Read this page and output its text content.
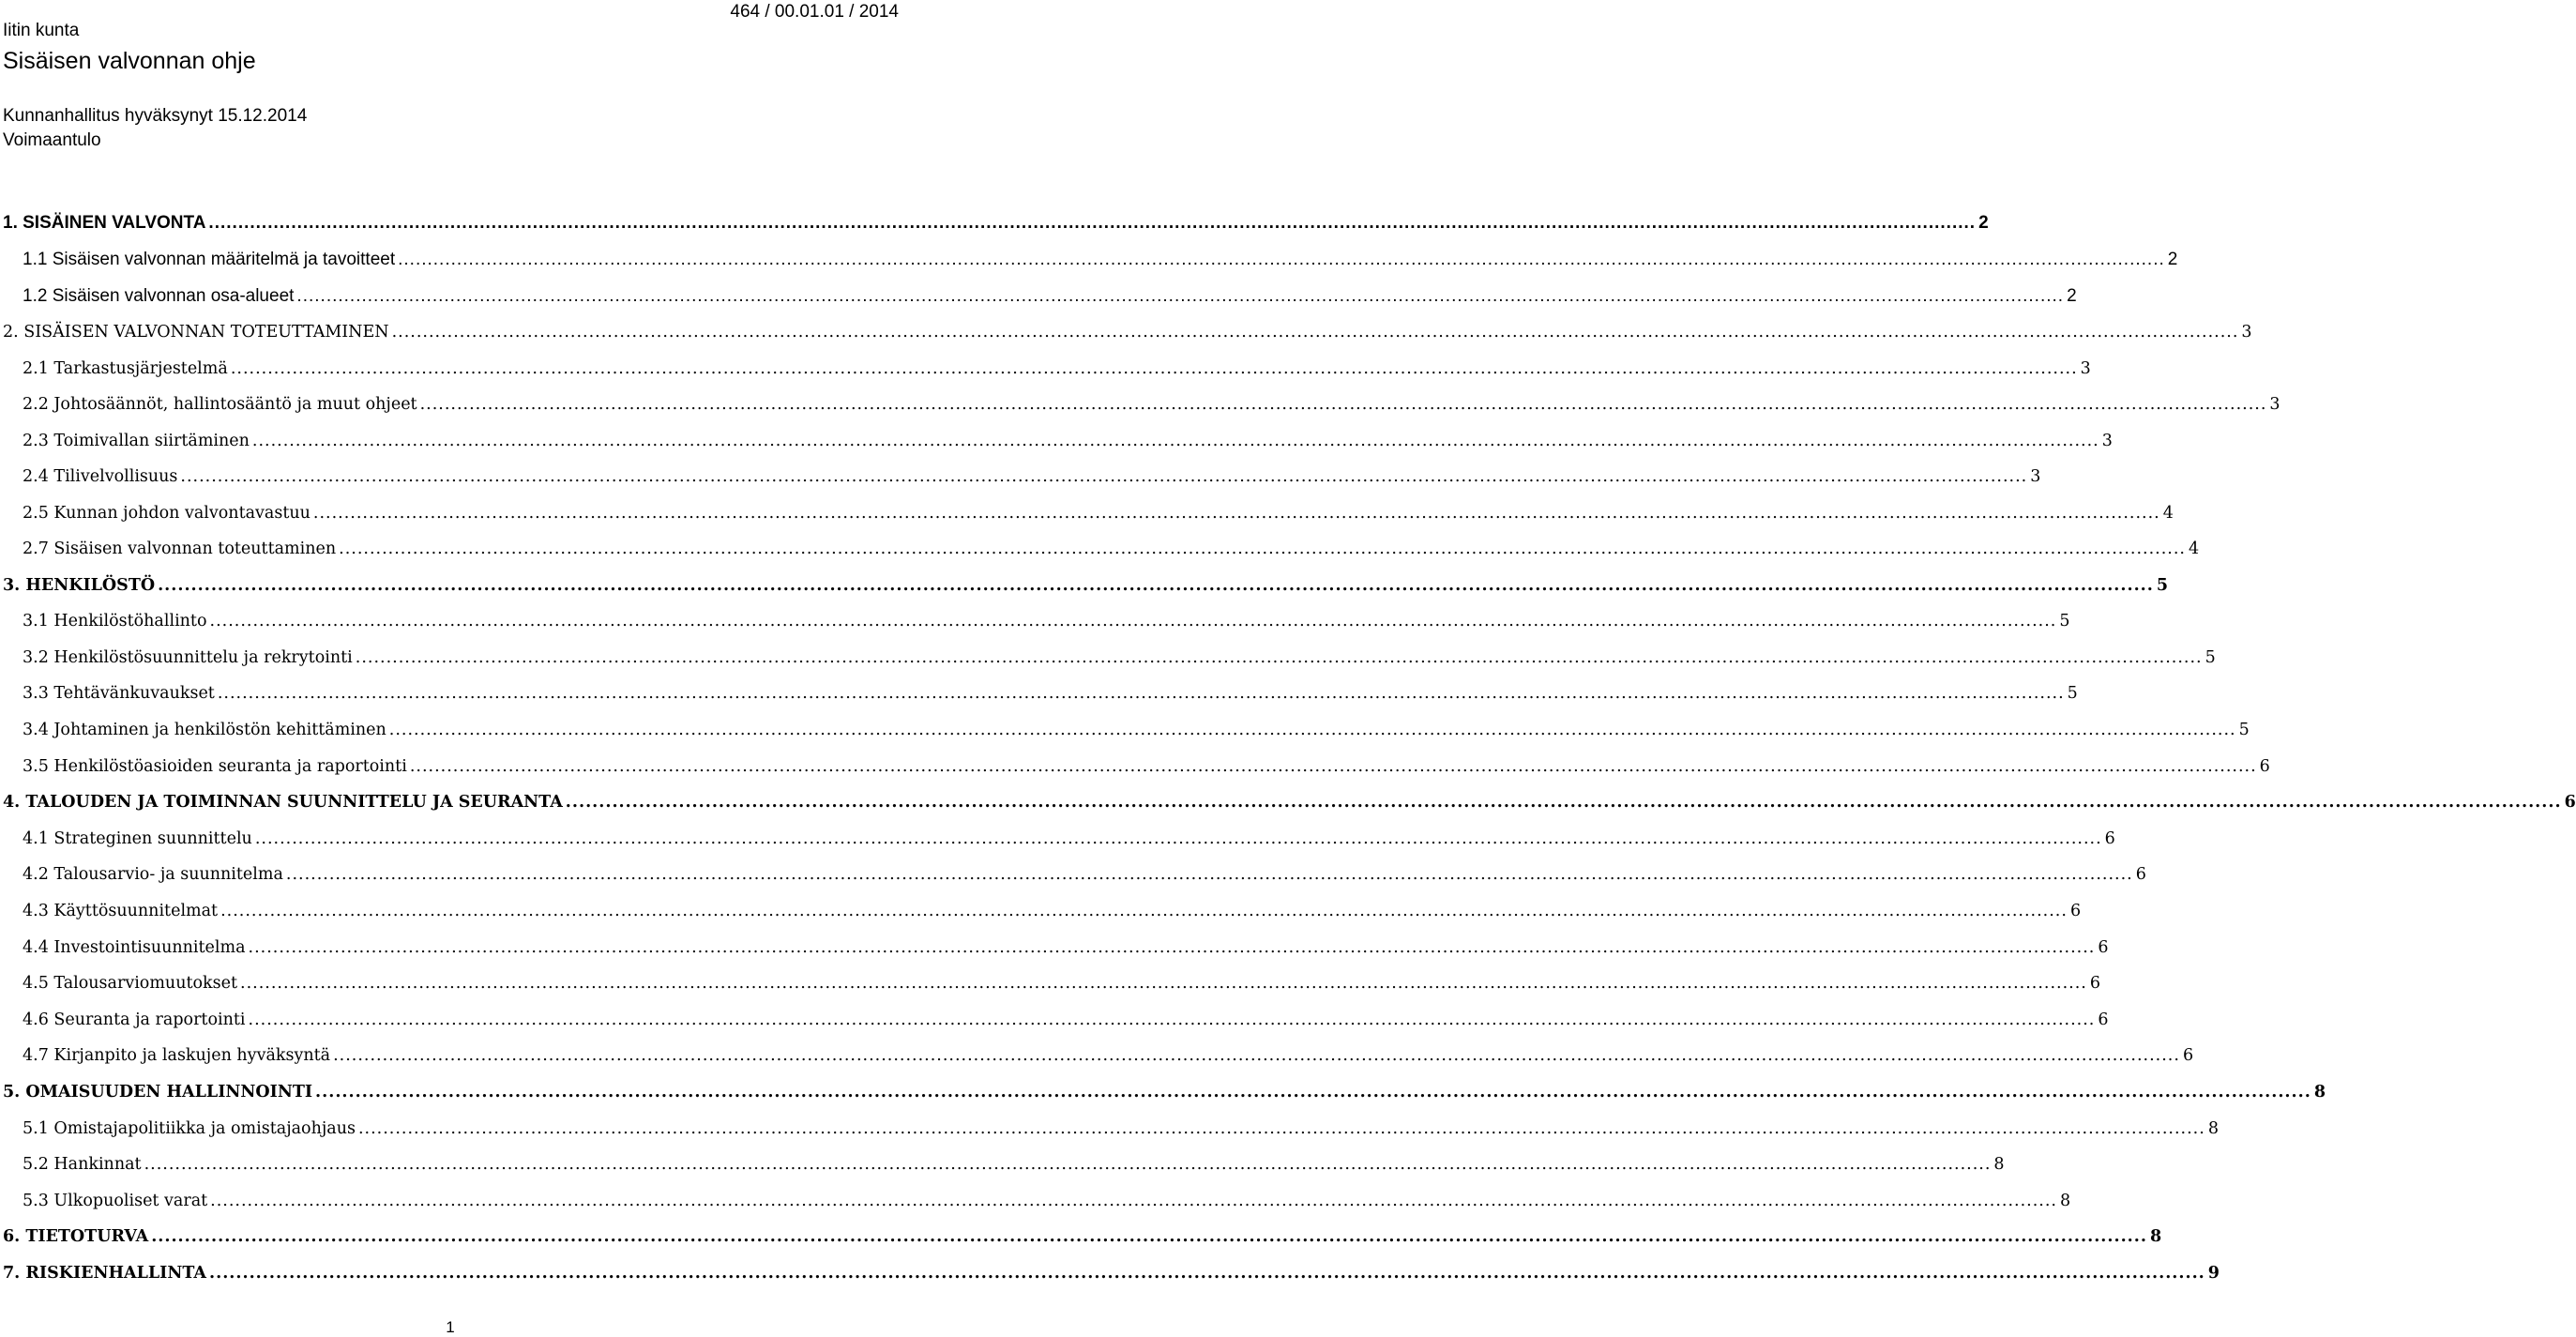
Iitin kunta
Sisäisen valvonnan ohje
464 / 00.01.01 / 2014
Kunnanhallitus hyväksynyt 15.12.2014
Voimaantulo
1. SISÄINEN VALVONTA ............................................................................................................................................................................................................................................................................................................ 2
1.1 Sisäisen valvonnan määritelmä ja tavoitteet ............................................................................................................................................................................................................................................................................................................ 2
1.2 Sisäisen valvonnan osa-alueet ............................................................................................................................................................................................................................................................................................................ 2
2. SISÄISEN VALVONNAN TOTEUTTAMINEN ............................................................................................................................................................................................................................................................................................................ 3
2.1 Tarkastusjärjestelmä ............................................................................................................................................................................................................................................................................................................ 3
2.2 Johtosäännöt, hallintosääntö ja muut ohjeet ............................................................................................................................................................................................................................................................................................................ 3
2.3 Toimivallan siirtäminen ............................................................................................................................................................................................................................................................................................................ 3
2.4 Tilivelvollisuus ............................................................................................................................................................................................................................................................................................................ 3
2.5 Kunnan johdon valvontavastuu ............................................................................................................................................................................................................................................................................................................ 4
2.7 Sisäisen valvonnan toteuttaminen ............................................................................................................................................................................................................................................................................................................ 4
3. HENKILÖSTÖ ............................................................................................................................................................................................................................................................................................................ 5
3.1 Henkilöstöhallinto ............................................................................................................................................................................................................................................................................................................ 5
3.2 Henkilöstösuunnittelu ja rekrytointi ............................................................................................................................................................................................................................................................................................................ 5
3.3 Tehtävänkuvaukset ............................................................................................................................................................................................................................................................................................................ 5
3.4 Johtaminen ja henkilöstön kehittäminen ............................................................................................................................................................................................................................................................................................................ 5
3.5 Henkilöstöasioiden seuranta ja raportointi ............................................................................................................................................................................................................................................................................................................ 6
4. TALOUDEN JA TOIMINNAN SUUNNITTELU JA SEURANTA ............................................................................................................................................................................................................................................................................................................ 6
4.1 Strateginen suunnittelu ............................................................................................................................................................................................................................................................................................................ 6
4.2 Talousarvio- ja suunnitelma ............................................................................................................................................................................................................................................................................................................ 6
4.3 Käyttösuunnitelmat ............................................................................................................................................................................................................................................................................................................ 6
4.4 Investointisuunnitelma ............................................................................................................................................................................................................................................................................................................ 6
4.5 Talousarviomuutokset ............................................................................................................................................................................................................................................................................................................ 6
4.6 Seuranta ja raportointi ............................................................................................................................................................................................................................................................................................................ 6
4.7 Kirjanpito ja laskujen hyväksyntä ............................................................................................................................................................................................................................................................................................................ 6
5. OMAISUUDEN HALLINNOINTI ............................................................................................................................................................................................................................................................................................................ 8
5.1 Omistajapolitiikka ja omistajaohjaus ............................................................................................................................................................................................................................................................................................................ 8
5.2 Hankinnat ............................................................................................................................................................................................................................................................................................................ 8
5.3 Ulkopuoliset varat ............................................................................................................................................................................................................................................................................................................ 8
6. TIETOTURVA ............................................................................................................................................................................................................................................................................................................ 8
7. RISKIENHALLINTA ............................................................................................................................................................................................................................................................................................................ 9
1
